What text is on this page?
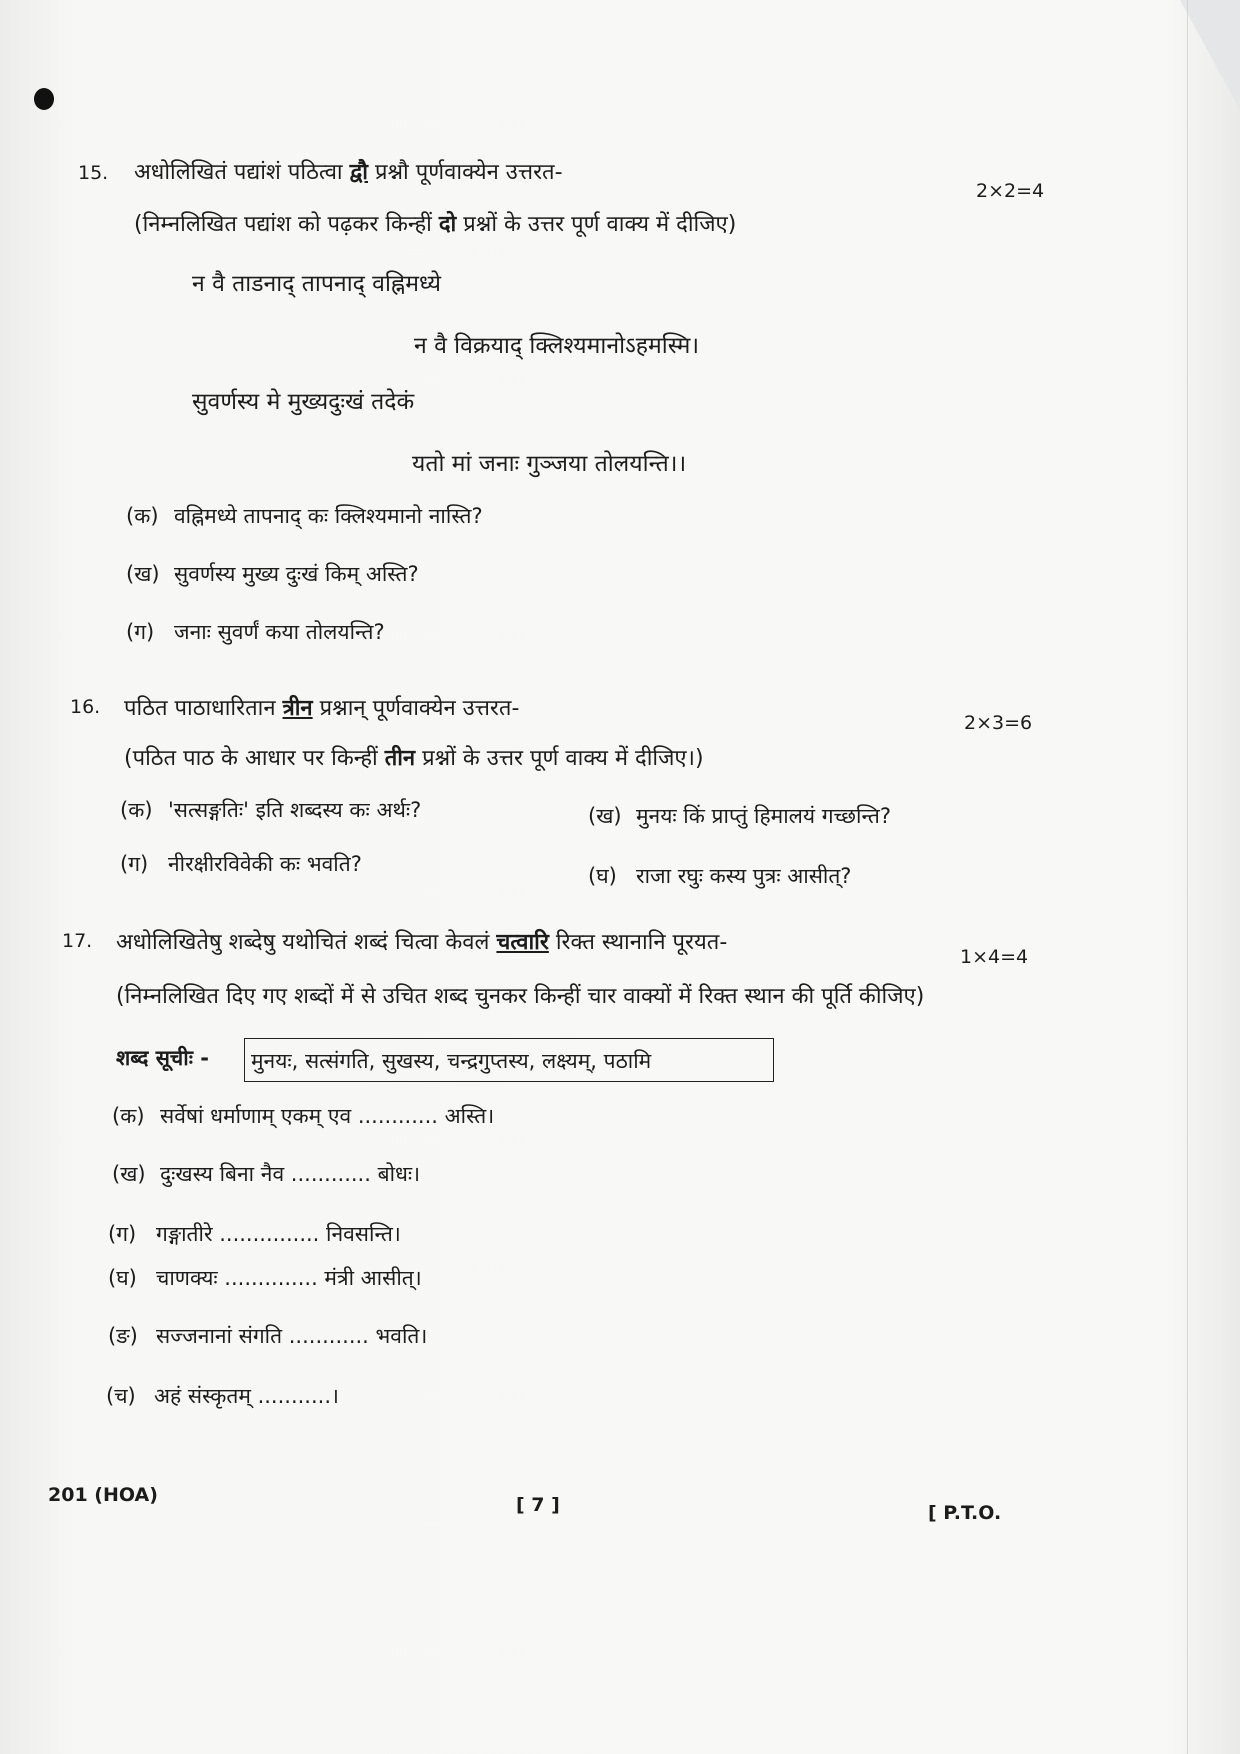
15. अधोलिखितं पद्यांशं पठित्वा द्वौ प्रश्नौ पूर्णवाक्येन उत्तरत-
2×2=4
(निम्नलिखित पद्यांश को पढ़कर किन्हीं दो प्रश्नों के उत्तर पूर्ण वाक्य में दीजिए)
न वै ताडनाद् तापनाद् वह्निमध्ये
न वै विक्रयाद् क्लिश्यमानोऽहमस्मि।
सुवर्णस्य मे मुख्यदुःखं तदेकं
यतो मां जनाः गुञ्जया तोलयन्ति।।
(क) वह्निमध्ये तापनाद् कः क्लिश्यमानो नास्ति?
(ख) सुवर्णस्य मुख्य दुःखं किम् अस्ति?
(ग) जनाः सुवर्णं कया तोलयन्ति?
16. पठित पाठाधारितान त्रीन प्रश्नान् पूर्णवाक्येन उत्तरत-
2×3=6
(पठित पाठ के आधार पर किन्हीं तीन प्रश्नों के उत्तर पूर्ण वाक्य में दीजिए।)
(क) 'सत्सङ्गतिः' इति शब्दस्य कः अर्थः?	(ख) मुनयः किं प्राप्तुं हिमालयं गच्छन्ति?
(ग) नीरक्षीरविवेकी कः भवति?	(घ) राजा रघुः कस्य पुत्रः आसीत्?
17. अधोलिखितेषु शब्देषु यथोचितं शब्दं चित्वा केवलं चत्वारि रिक्त स्थानानि पूरयत-
1×4=4
(निम्नलिखित दिए गए शब्दों में से उचित शब्द चुनकर किन्हीं चार वाक्यों में रिक्त स्थान की पूर्ति कीजिए)
शब्द सूचीः -	मुनयः, सत्संगति, सुखस्य, चन्द्रगुप्तस्य, लक्ष्यम्, पठामि
(क) सर्वेषां धर्माणाम् एकम् एव ............ अस्ति।
(ख) दुःखस्य बिना नैव ............ बोधः।
(ग) गङ्गातीरे ............... निवसन्ति।
(घ) चाणक्यः .............. मंत्री आसीत्।
(ङ) सज्जनानां संगति ............ भवति।
(च) अहं संस्कृतम् ...........।
201 (HOA)	[ 7 ]	[ P.T.O.
